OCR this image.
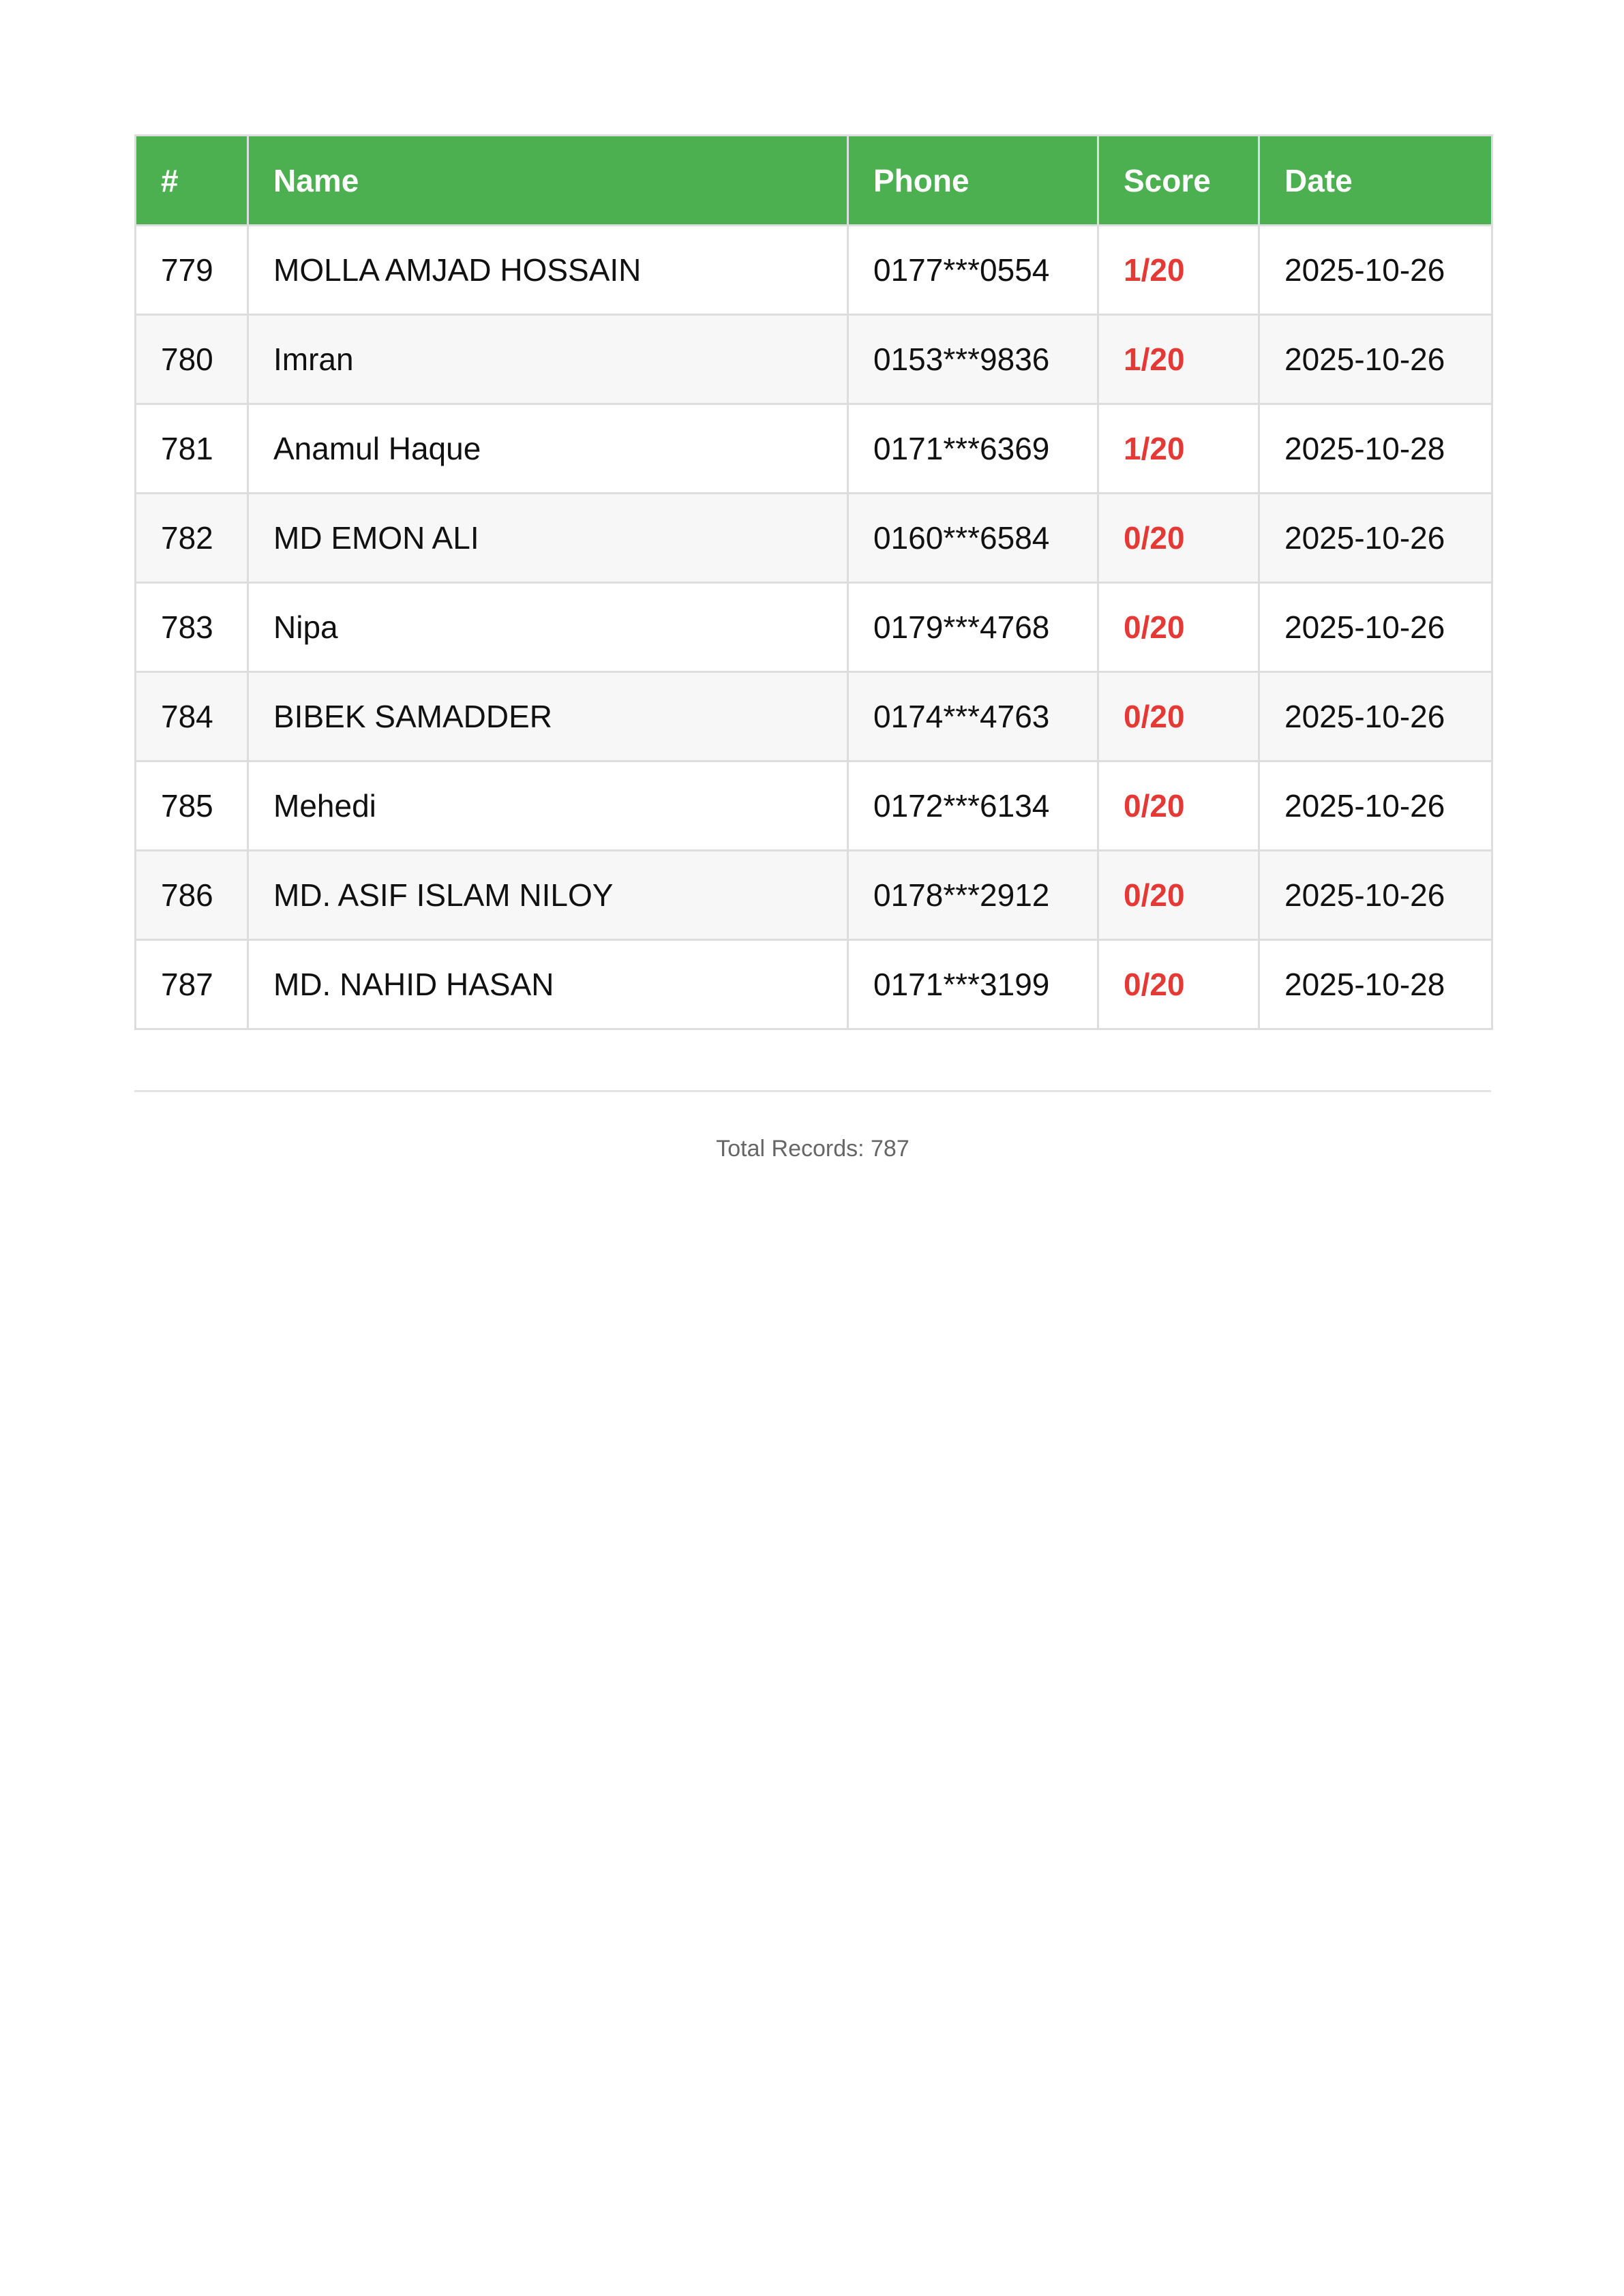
#	Name	Phone	Score	Date
779	MOLLA AMJAD HOSSAIN	0177***0554	1/20	2025-10-26
780	Imran	0153***9836	1/20	2025-10-26
781	Anamul Haque	0171***6369	1/20	2025-10-28
782	MD EMON ALI	0160***6584	0/20	2025-10-26
783	Nipa	0179***4768	0/20	2025-10-26
784	BIBEK SAMADDER	0174***4763	0/20	2025-10-26
785	Mehedi	0172***6134	0/20	2025-10-26
786	MD. ASIF ISLAM NILOY	0178***2912	0/20	2025-10-26
787	MD. NAHID HASAN	0171***3199	0/20	2025-10-28
Total Records: 787
